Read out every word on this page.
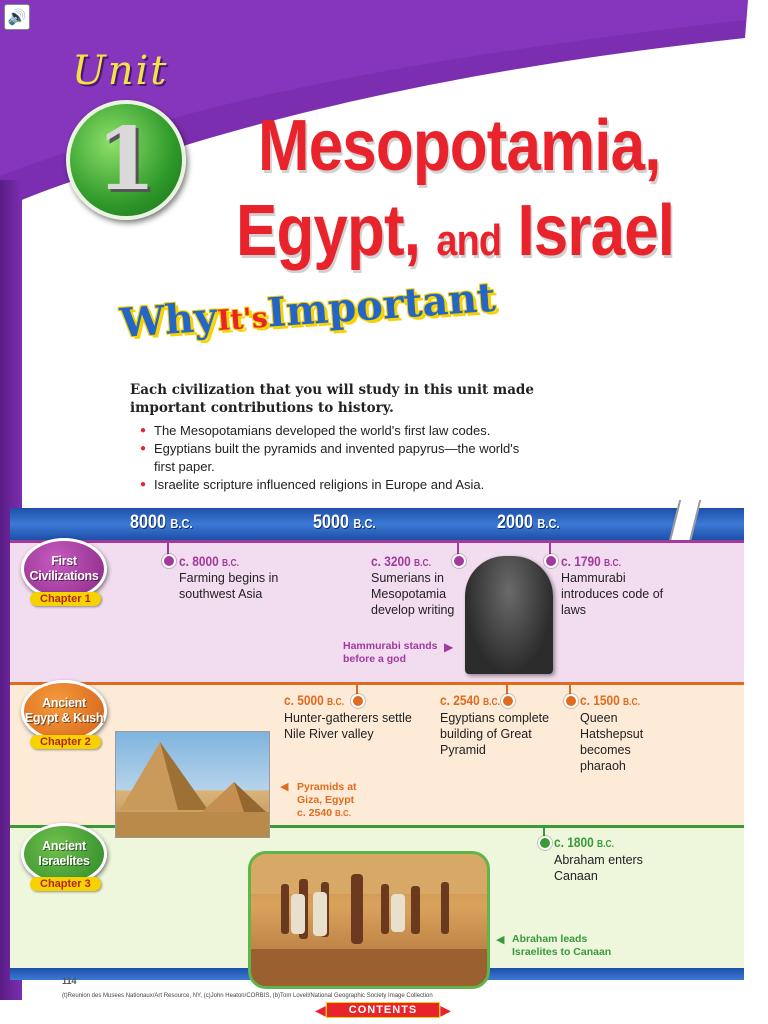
🔊
Unit
1 Mesopotamia,
Egypt, and Israel
WhyIt'sImportant
Each civilization that you will study in this unit made important contributions to history.
● The Mesopotamians developed the world's first law codes.
● Egyptians built the pyramids and invented papyrus—the world's first paper.
● Israelite scripture influenced religions in Europe and Asia.
8000 B.C.	5000 B.C.	2000 B.C.
First Civilizations
Chapter 1
c. 8000 B.C.
Farming begins in southwest Asia
c. 3200 B.C.
Sumerians in Mesopotamia develop writing
c. 1790 B.C.
Hammurabi introduces code of laws
Hammurabi stands before a god
▶
Ancient Egypt & Kush
Chapter 2
c. 5000 B.C.
Hunter-gatherers settle Nile River valley
c. 2540 B.C.
Egyptians complete building of Great Pyramid
c. 1500 B.C.
Queen Hatshepsut becomes pharaoh
◀ Pyramids at
Giza, Egypt
c. 2540 B.C.
Ancient Israelites
Chapter 3
c. 1800 B.C.
Abraham enters Canaan
◀ Abraham leads Israelites to Canaan
114
(t)Reunion des Musees Nationaux/Art Resource, NY, (c)John Heaton/CORBIS, (b)Tom Lovell/National Geographic Society Image Collection
◀	CONTENTS	▶
